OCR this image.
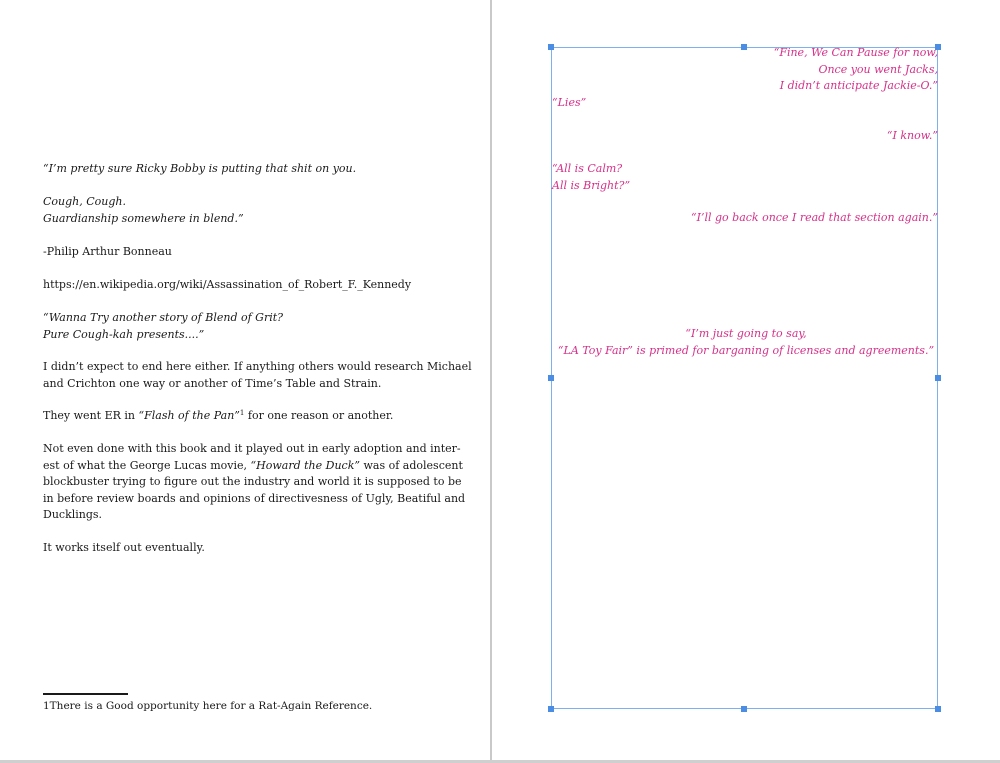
“I’m pretty sure Ricky Bobby is putting that shit on you.
Cough, Cough.
Guardianship somewhere in blend.”
-Philip Arthur Bonneau
https://en.wikipedia.org/wiki/Assassination_of_Robert_F._Kennedy
“Wanna Try another story of Blend of Grit?
Pure Cough-kah presents....”
I didn’t expect to end here either. If anything others would research Michael
and Crichton one way or another of Time’s Table and Strain.
They went ER in “Flash of the Pan”$^1$ for one reason or another.
Not even done with this book and it played out in early adoption and inter-
est of what the George Lucas movie, “Howard the Duck” was of adolescent
blockbuster trying to figure out the industry and world it is supposed to be
in before review boards and opinions of directivesness of Ugly, Beatiful and
Ducklings.
It works itself out eventually.
1There is a Good opportunity here for a Rat-Again Reference.
“Fine, We Can Pause for now,
Once you went Jacks,
I didn’t anticipate Jackie-O.”
“Lies”
“I know.”
“All is Calm?
All is Bright?”
“I’ll go back once I read that section again.”
“I’m just going to say,
“LA Toy Fair” is primed for barganing of licenses and agreements.”
